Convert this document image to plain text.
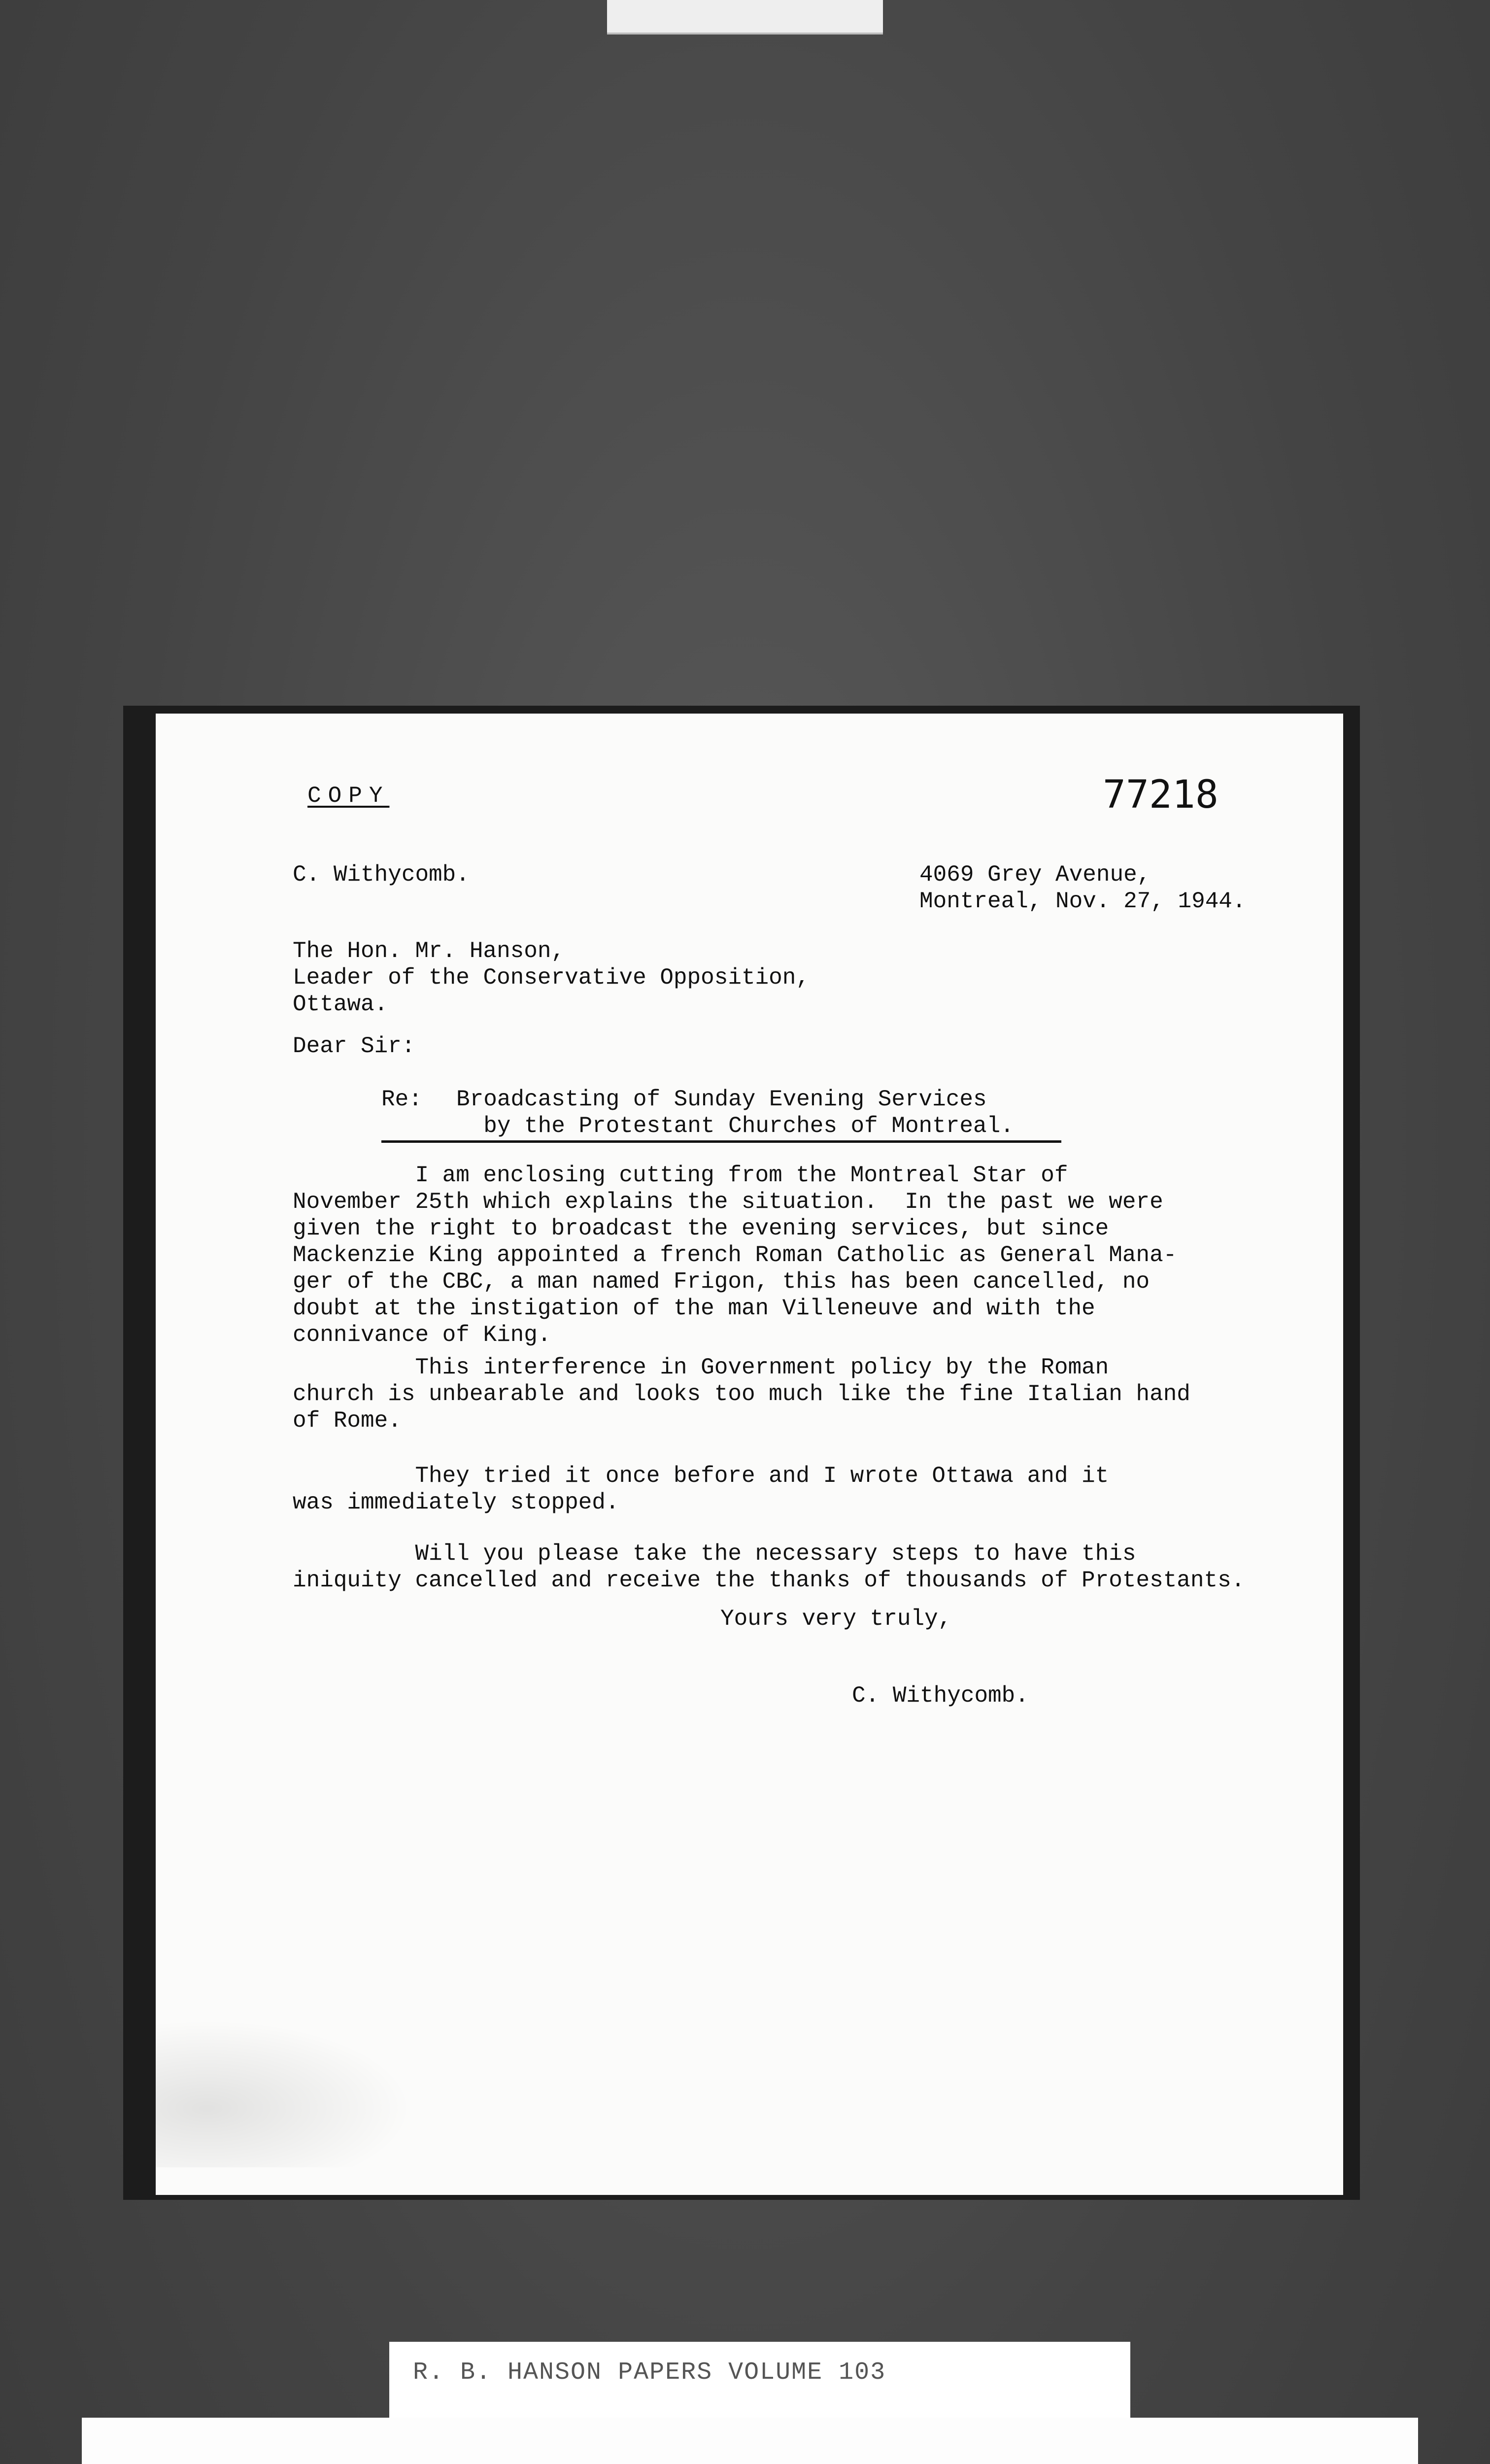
COPY	77218
C. Withycomb.	4069 Grey Avenue,
Montreal, Nov. 27, 1944.
The Hon. Mr. Hanson,
Leader of the Conservative Opposition,
Ottawa.
Dear Sir:
Re: Broadcasting of Sunday Evening Services
by the Protestant Churches of Montreal.
I am enclosing cutting from the Montreal Star of
November 25th which explains the situation.  In the past we were
given the right to broadcast the evening services, but since
Mackenzie King appointed a french Roman Catholic as General Mana-
ger of the CBC, a man named Frigon, this has been cancelled, no
doubt at the instigation of the man Villeneuve and with the
connivance of King.
This interference in Government policy by the Roman
church is unbearable and looks too much like the fine Italian hand
of Rome.
They tried it once before and I wrote Ottawa and it
was immediately stopped.
Will you please take the necessary steps to have this
iniquity cancelled and receive the thanks of thousands of Protestants.
Yours very truly,
C. Withycomb.
R. B. HANSON PAPERS VOLUME 103
